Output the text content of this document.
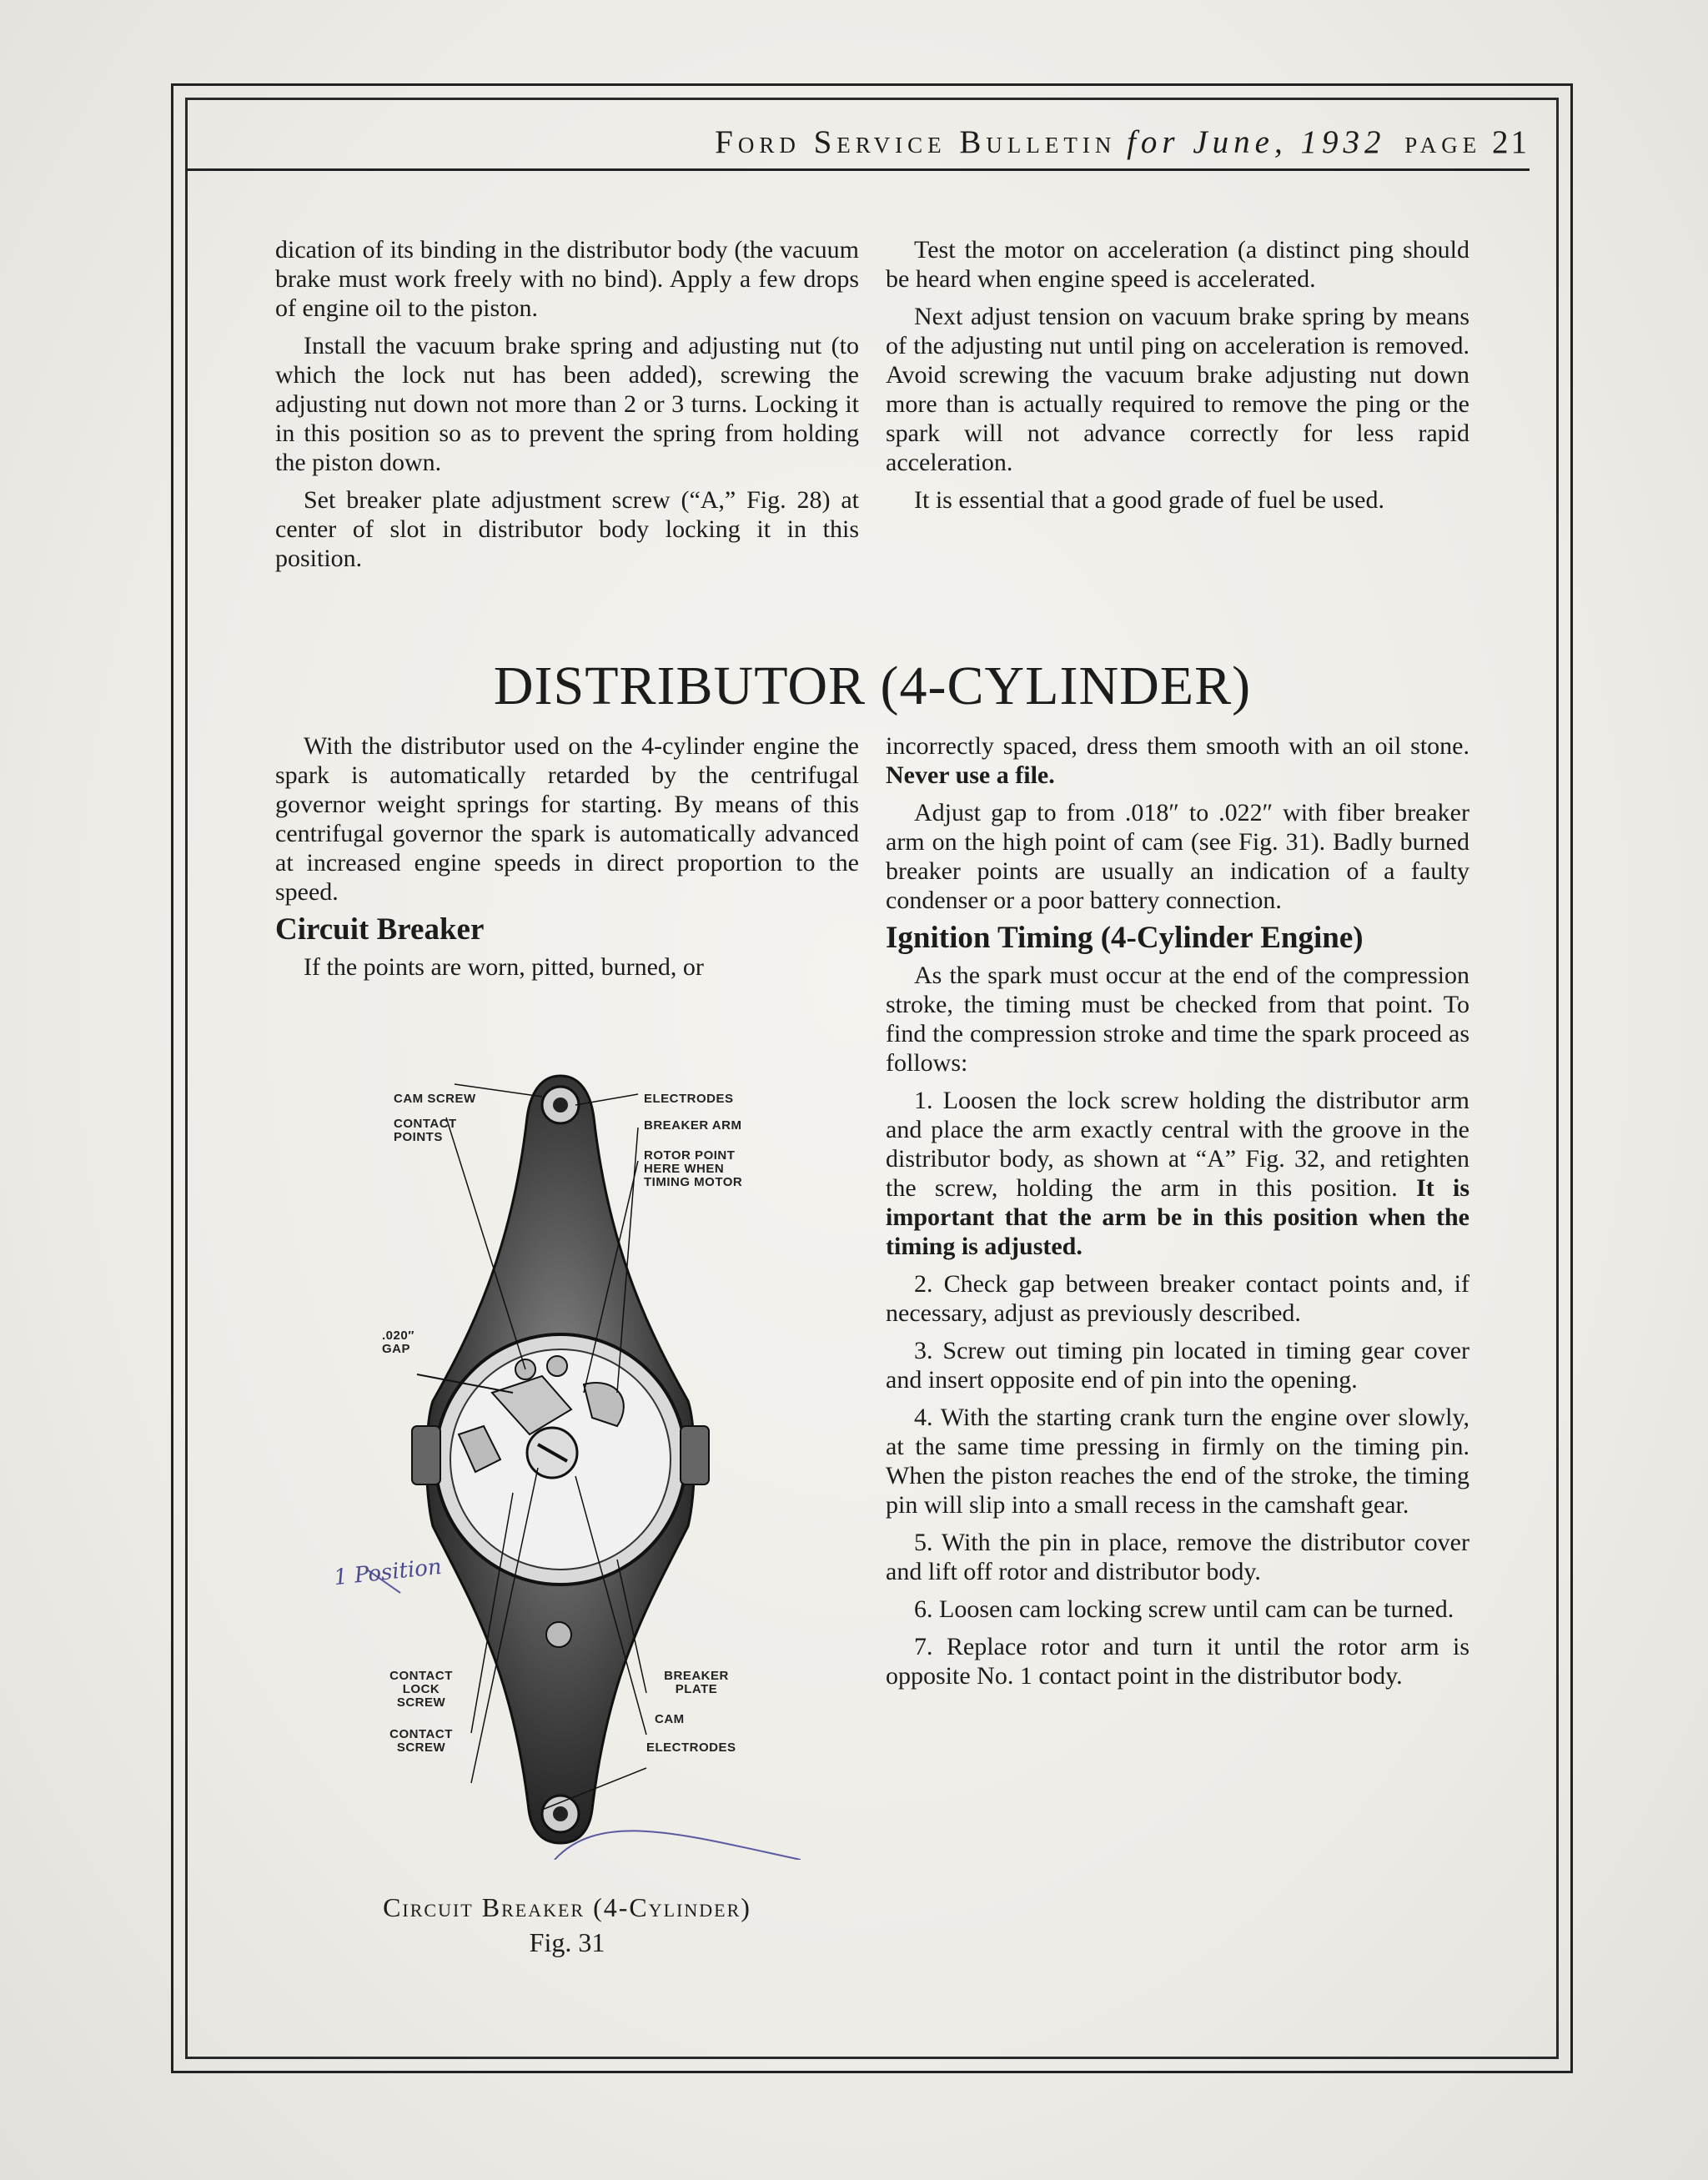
Ford Service Bulletin for June, 1932 page 21

dication of its binding in the distributor body (the vacuum brake must work freely with no bind). Apply a few drops of engine oil to the piston.

Install the vacuum brake spring and adjusting nut (to which the lock nut has been added), screwing the adjusting nut down not more than 2 or 3 turns. Locking it in this position so as to prevent the spring from holding the piston down.

Set breaker plate adjustment screw (“A,” Fig. 28) at center of slot in distributor body locking it in this position.

Test the motor on acceleration (a distinct ping should be heard when engine speed is accelerated.

Next adjust tension on vacuum brake spring by means of the adjusting nut until ping on acceleration is removed. Avoid screwing the vacuum brake adjusting nut down more than is actually required to remove the ping or the spark will not advance correctly for less rapid acceleration.

It is essential that a good grade of fuel be used.

DISTRIBUTOR (4-CYLINDER)

With the distributor used on the 4-cylinder engine the spark is automatically retarded by the centrifugal governor weight springs for starting. By means of this centrifugal governor the spark is automatically advanced at increased engine speeds in direct proportion to the speed.

Circuit Breaker

If the points are worn, pitted, burned, or

incorrectly spaced, dress them smooth with an oil stone. Never use a file.

Adjust gap to from .018″ to .022″ with fiber breaker arm on the high point of cam (see Fig. 31). Badly burned breaker points are usually an indication of a faulty condenser or a poor battery connection.

Ignition Timing (4-Cylinder Engine)

As the spark must occur at the end of the compression stroke, the timing must be checked from that point. To find the compression stroke and time the spark proceed as follows:

1. Loosen the lock screw holding the distributor arm and place the arm exactly central with the groove in the distributor body, as shown at “A” Fig. 32, and retighten the screw, holding the arm in this position. It is important that the arm be in this position when the timing is adjusted.

2. Check gap between breaker contact points and, if necessary, adjust as previously described.

3. Screw out timing pin located in timing gear cover and insert opposite end of pin into the opening.

4. With the starting crank turn the engine over slowly, at the same time pressing in firmly on the timing pin. When the piston reaches the end of the stroke, the timing pin will slip into a small recess in the camshaft gear.

5. With the pin in place, remove the distributor cover and lift off rotor and distributor body.

6. Loosen cam locking screw until cam can be turned.

7. Replace rotor and turn it until the rotor arm is opposite No. 1 contact point in the distributor body.

CAM SCREW
CONTACT POINTS
ELECTRODES
BREAKER ARM
ROTOR POINT HERE WHEN TIMING MOTOR
.020″ GAP
CONTACT LOCK SCREW
CONTACT SCREW
BREAKER PLATE
CAM
ELECTRODES
1 Position
Circuit Breaker (4-Cylinder)
Fig. 31
